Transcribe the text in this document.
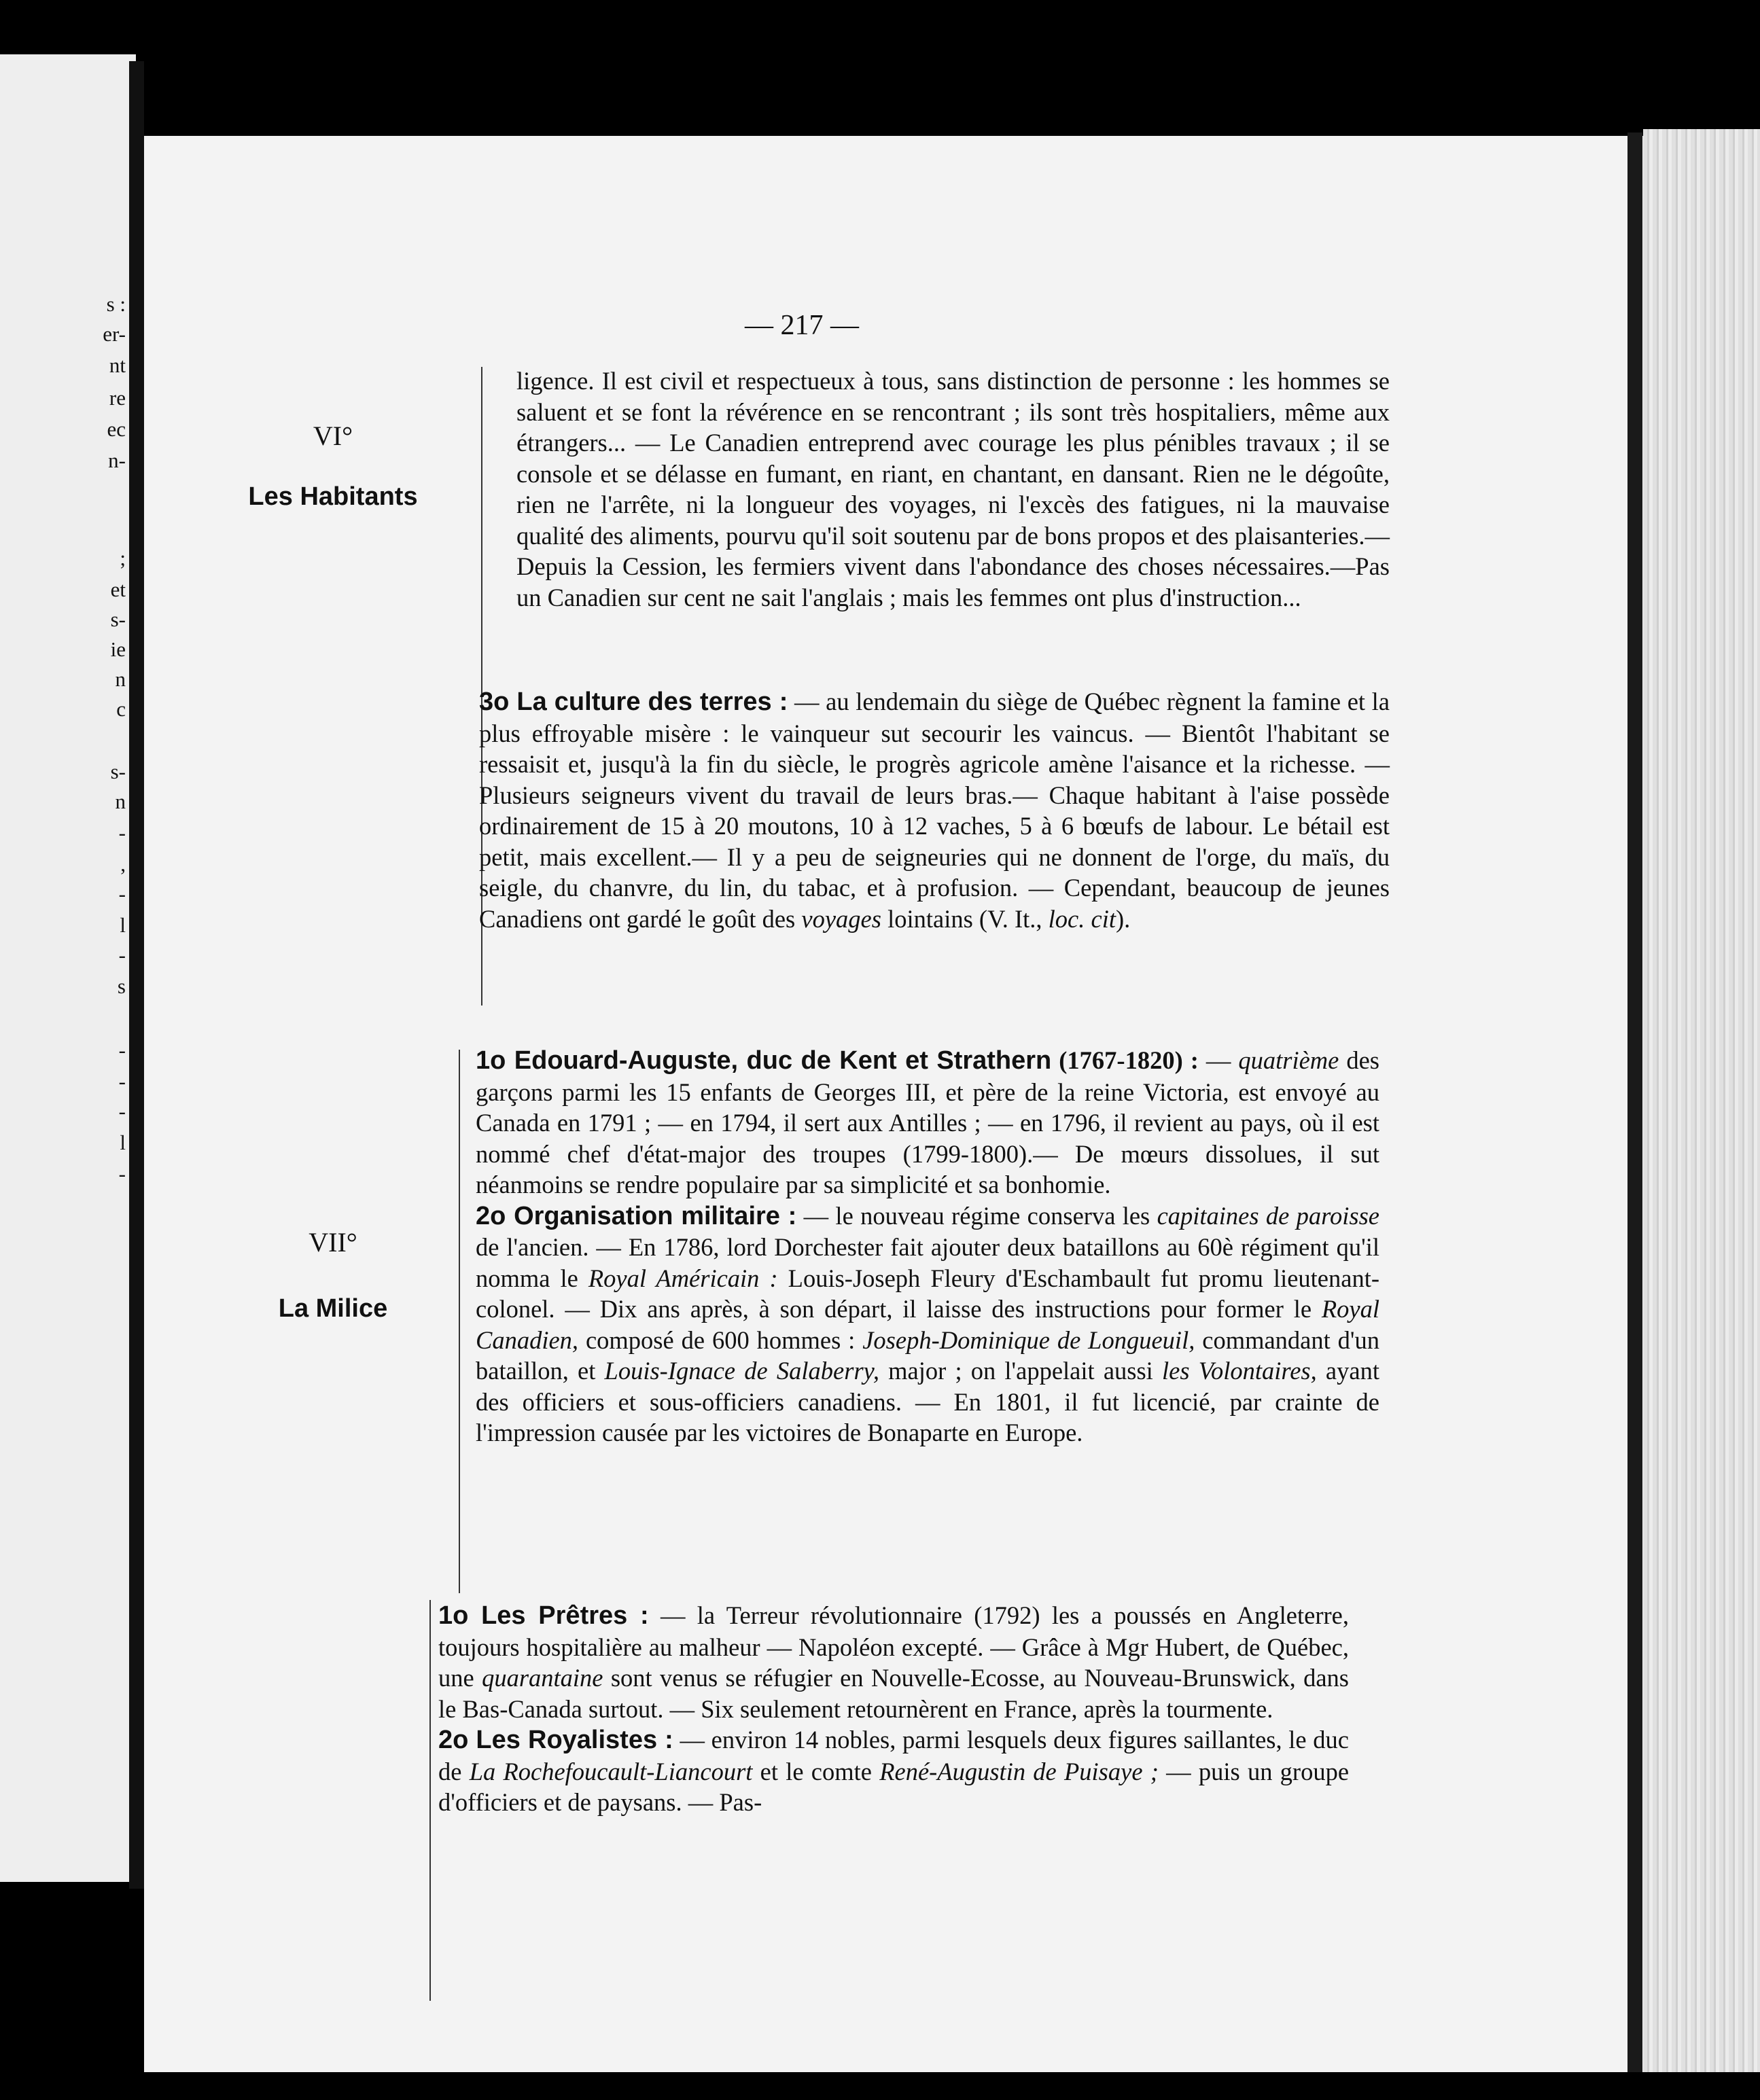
s :
er-
nt
re
ec
n-
;
et
s-
ie
n
c
s-
n
-
,
-
l
-
s
-
-
-
l
-
— 217 —
VI°
Les Habitants

ligence. Il est civil et respectueux à tous, sans distinction de personne : les hommes se saluent et se font la révérence en se rencontrant ; ils sont très hospitaliers, même aux étrangers... — Le Canadien entreprend avec courage les plus pénibles travaux ; il se console et se délasse en fumant, en riant, en chantant, en dansant. Rien ne le dégoûte, rien ne l'arrête, ni la longueur des voyages, ni l'excès des fatigues, ni la mauvaise qualité des aliments, pourvu qu'il soit soutenu par de bons propos et des plaisanteries.— Depuis la Cession, les fermiers vivent dans l'abondance des choses nécessaires.—Pas un Canadien sur cent ne sait l'anglais ; mais les femmes ont plus d'instruction...

3o La culture des terres : — au lendemain du siège de Québec règnent la famine et la plus effroyable misère : le vainqueur sut secourir les vaincus. — Bientôt l'habitant se ressaisit et, jusqu'à la fin du siècle, le progrès agricole amène l'aisance et la richesse. — Plusieurs seigneurs vivent du travail de leurs bras.— Chaque habitant à l'aise possède ordinairement de 15 à 20 moutons, 10 à 12 vaches, 5 à 6 bœufs de labour. Le bétail est petit, mais excellent.— Il y a peu de seigneuries qui ne donnent de l'orge, du maïs, du seigle, du chanvre, du lin, du tabac, et à profusion. — Cependant, beaucoup de jeunes Canadiens ont gardé le goût des voyages lointains (V. It., loc. cit).

VII°
La Milice

1o Edouard-Auguste, duc de Kent et Strathern (1767-1820) : — quatrième des garçons parmi les 15 enfants de Georges III, et père de la reine Victoria, est envoyé au Canada en 1791 ; — en 1794, il sert aux Antilles ; — en 1796, il revient au pays, où il est nommé chef d'état-major des troupes (1799-1800).— De mœurs dissolues, il sut néanmoins se rendre populaire par sa simplicité et sa bonhomie.

2o Organisation militaire : — le nouveau régime conserva les capitaines de paroisse de l'ancien. — En 1786, lord Dorchester fait ajouter deux bataillons au 60è régiment qu'il nomma le Royal Américain : Louis-Joseph Fleury d'Eschambault fut promu lieutenant-colonel. — Dix ans après, à son départ, il laisse des instructions pour former le Royal Canadien, composé de 600 hommes : Joseph-Dominique de Longueuil, commandant d'un bataillon, et Louis-Ignace de Salaberry, major ; on l'appelait aussi les Volontaires, ayant des officiers et sous-officiers canadiens. — En 1801, il fut licencié, par crainte de l'impression causée par les victoires de Bonaparte en Europe.

1o Les Prêtres : — la Terreur révolutionnaire (1792) les a poussés en Angleterre, toujours hospitalière au malheur — Napoléon excepté. — Grâce à Mgr Hubert, de Québec, une quarantaine sont venus se réfugier en Nouvelle-Ecosse, au Nouveau-Brunswick, dans le Bas-Canada surtout. — Six seulement retournèrent en France, après la tourmente.

2o Les Royalistes : — environ 14 nobles, parmi lesquels deux figures saillantes, le duc de La Rochefoucault-Liancourt et le comte René-Augustin de Puisaye ; — puis un groupe d'officiers et de paysans. — Pas-
